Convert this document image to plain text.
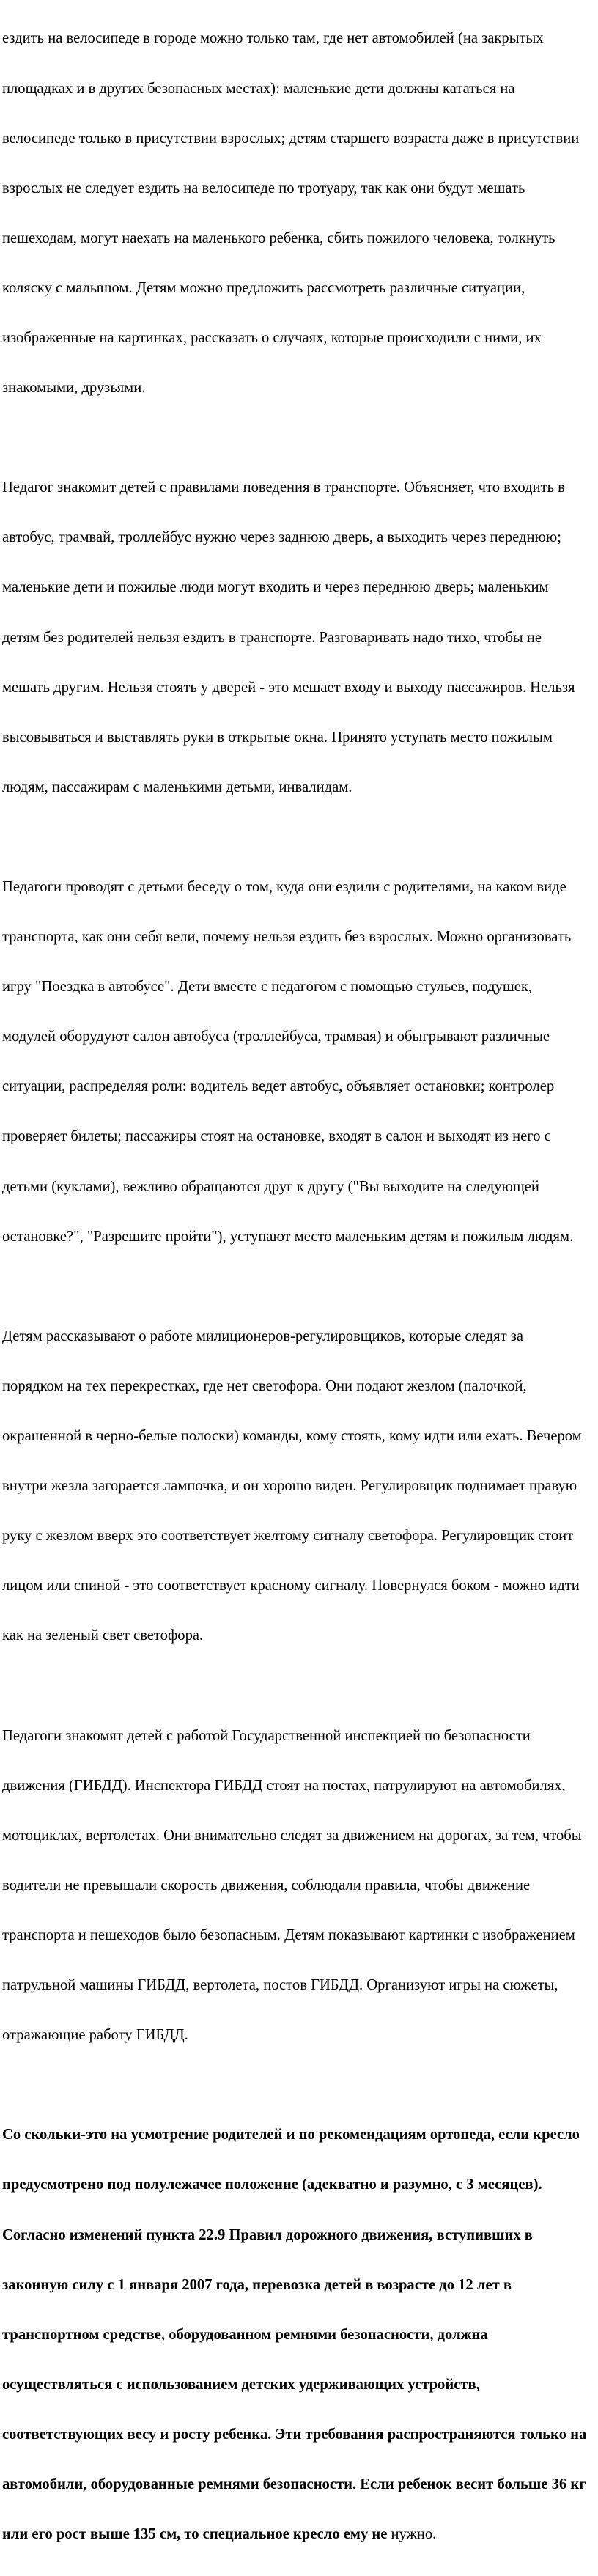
ездить на велосипеде в городе можно только там, где нет автомобилей (на закрытых

площадках и в других безопасных местах): маленькие дети должны кататься на

велосипеде только в присутствии взрослых; детям старшего возраста даже в присутствии

взрослых не следует ездить на велосипеде по тротуару, так как они будут мешать

пешеходам, могут наехать на маленького ребенка, сбить пожилого человека, толкнуть

коляску с малышом. Детям можно предложить рассмотреть различные ситуации,

изображенные на картинках, рассказать о случаях, которые происходили с ними, их

знакомыми, друзьями.

Педагог знакомит детей с правилами поведения в транспорте. Объясняет, что входить в

автобус, трамвай, троллейбус нужно через заднюю дверь, а выходить через переднюю;

маленькие дети и пожилые люди могут входить и через переднюю дверь; маленьким

детям без родителей нельзя ездить в транспорте. Разговаривать надо тихо, чтобы не

мешать другим. Нельзя стоять у дверей - это мешает входу и выходу пассажиров. Нельзя

высовываться и выставлять руки в открытые окна. Принято уступать место пожилым

людям, пассажирам с маленькими детьми, инвалидам.

Педагоги проводят с детьми беседу о том, куда они ездили с родителями, на каком виде

транспорта, как они себя вели, почему нельзя ездить без взрослых. Можно организовать

игру "Поездка в автобусе". Дети вместе с педагогом с помощью стульев, подушек,

модулей оборудуют салон автобуса (троллейбуса, трамвая) и обыгрывают различные

ситуации, распределяя роли: водитель ведет автобус, объявляет остановки; контролер

проверяет билеты; пассажиры стоят на остановке, входят в салон и выходят из него с

детьми (куклами), вежливо обращаются друг к другу ("Вы выходите на следующей

остановке?", "Разрешите пройти"), уступают место маленьким детям и пожилым людям.

Детям рассказывают о работе милиционеров-регулировщиков, которые следят за

порядком на тех перекрестках, где нет светофора. Они подают жезлом (палочкой,

окрашенной в черно-белые полоски) команды, кому стоять, кому идти или ехать. Вечером

внутри жезла загорается лампочка, и он хорошо виден. Регулировщик поднимает правую

руку с жезлом вверх это соответствует желтому сигналу светофора. Регулировщик стоит

лицом или спиной - это соответствует красному сигналу. Повернулся боком - можно идти

как на зеленый свет светофора.

Педагоги знакомят детей с работой Государственной инспекцией по безопасности

движения (ГИБДД). Инспектора ГИБДД стоят на постах, патрулируют на автомобилях,

мотоциклах, вертолетах. Они внимательно следят за движением на дорогах, за тем, чтобы

водители не превышали скорость движения, соблюдали правила, чтобы движение

транспорта и пешеходов было безопасным. Детям показывают картинки с изображением

патрульной машины ГИБДД, вертолета, постов ГИБДД. Организуют игры на сюжеты,

отражающие работу ГИБДД.

Со скольки-это на усмотрение родителей и по рекомендациям ортопеда, если кресло

предусмотрено под полулежачее положение (адекватно и разумно, с 3 месяцев).

Согласно изменений пункта 22.9 Правил дорожного движения, вступивших в

законную силу с 1 января 2007 года, перевозка детей в возрасте до 12 лет в

транспортном средстве, оборудованном ремнями безопасности, должна

осуществляться с использованием детских удерживающих устройств,

соответствующих весу и росту ребенка. Эти требования распространяются только на

автомобили, оборудованные ремнями безопасности. Если ребенок весит больше 36 кг

или его рост выше 135 см, то специальное кресло ему не нужно.
